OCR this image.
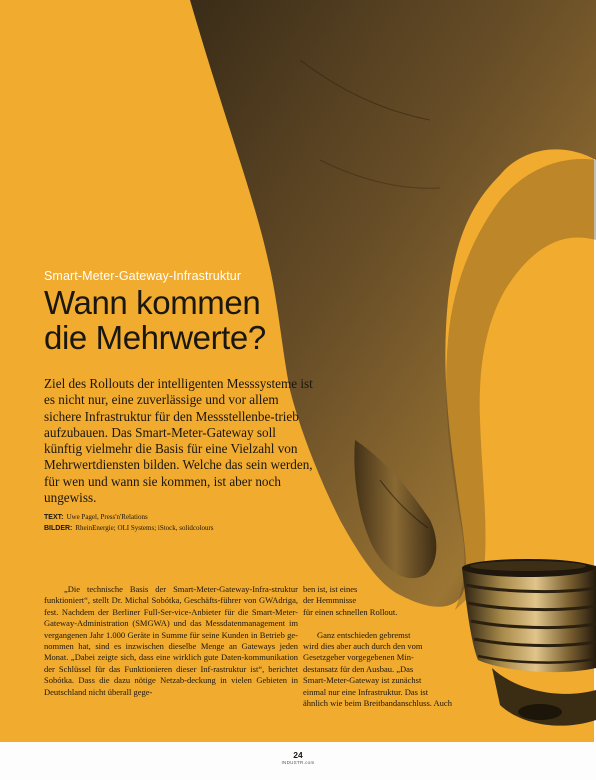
Smart-Meter-Gateway-Infrastruktur
Wann kommen
die Mehrwerte?

Ziel des Rollouts der intelligenten Messsysteme ist es nicht nur, eine zuverlässige und vor allem sichere Infrastruktur für den Messstellenbe-trieb aufzubauen. Das Smart-Meter-Gateway soll künftig vielmehr die Basis für eine Vielzahl von Mehrwertdiensten bilden. Welche das sein werden, für wen und wann sie kommen, ist aber noch ungewiss.

TEXT: Uwe Pagel, Press'n'Relations
BILDER: RheinEnergie; OLI Systems; iStock, solidcolours

„Die technische Basis der Smart-Meter-Gateway-Infra-struktur funktioniert“, stellt Dr. Michal Sobótka, Geschäfts-führer von GWAdriga, fest. Nachdem der Berliner Full-Ser-vice-Anbieter für die Smart-Meter-Gateway-Administration (SMGWA) und das Messdatenmanagement im vergangenen Jahr 1.000 Geräte in Summe für seine Kunden in Betrieb ge-nommen hat, sind es inzwischen dieselbe Menge an Gateways jeden Monat. „Dabei zeigte sich, dass eine wirklich gute Daten-kommunikation der Schlüssel für das Funktionieren dieser Inf-rastruktur ist“, berichtet Sobótka. Dass die dazu nötige Netzab-deckung in vielen Gebieten in Deutschland nicht überall gege-

ben ist, ist eines
der Hemmnisse
für einen schnellen Rollout.
Ganz entschieden gebremst
wird dies aber auch durch den vom
Gesetzgeber vorgegebenen Min-
destansatz für den Ausbau. „Das
Smart-Meter-Gateway ist zunächst
einmal nur eine Infrastruktur. Das ist
ähnlich wie beim Breitbandanschluss. Auch
24
INDUSTR.com
